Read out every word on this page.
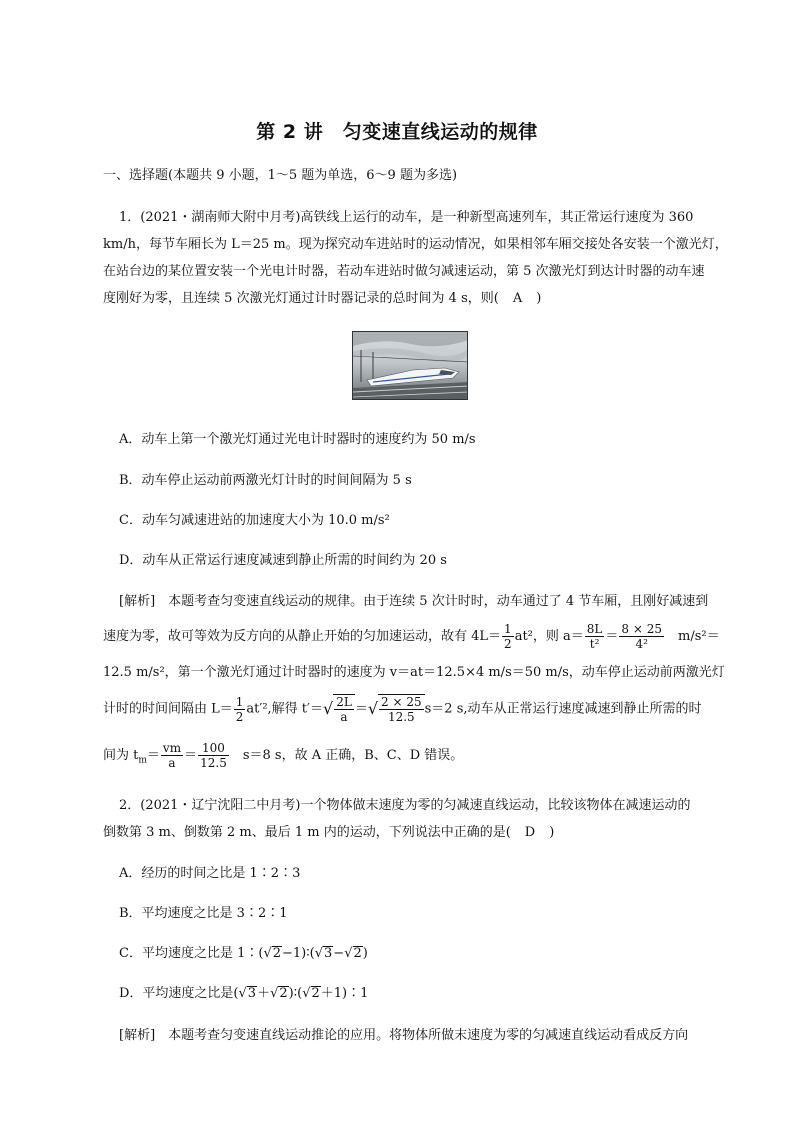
第 2 讲　匀变速直线运动的规律
一、选择题(本题共 9 小题，1～5 题为单选，6～9 题为多选)
1．(2021・湖南师大附中月考)高铁线上运行的动车，是一种新型高速列车，其正常运行速度为 360
km/h，每节车厢长为 L＝25 m。现为探究动车进站时的运动情况，如果相邻车厢交接处各安装一个激光灯，
在站台边的某位置安装一个光电计时器，若动车进站时做匀减速运动，第 5 次激光灯到达计时器的动车速
度刚好为零，且连续 5 次激光灯通过计时器记录的总时间为 4 s，则( A )
A．动车上第一个激光灯通过光电计时器时的速度约为 50 m/s
B．动车停止运动前两激光灯计时的时间间隔为 5 s
C．动车匀减速进站的加速度大小为 10.0 m/s²
D．动车从正常运行速度减速到静止所需的时间约为 20 s
[解析]　 本题考查匀变速直线运动的规律。由于连续 5 次计时时，动车通过了 4 节车厢，且刚好减速到
速度为零，故可等效为反方向的从静止开始的匀加速运动，故有 $4L= \frac{1}{2} at^2$，则 $a= \frac{8L}{\text{t²}} = \frac{8 \times 25}{\text{4²}}$
　 m/s²＝
12.5 m/s²，第一个激光灯通过计时器时的速度为 v＝at＝12.5×4 m/s＝50 m/s，动车停止运动前两激光灯
计时的时间间隔由 $L= \frac{1}{2} at'^2$,解得 $t'=√ \frac{2L}{a}$ ＝√ $\frac{2 \times 25}{12.5} s=2$ s,动车从正常运行速度减速到静止所需的时
间为 $t_m= \frac{vm}{a} = \frac{100}{12.5}$
　 s＝8 s，故 A 正确，B、C、D 错误。
2．(2021・辽宁沈阳二中月考)一个物体做末速度为零的匀减速直线运动，比较该物体在减速运动的
倒数第 3 m、倒数第 2 m、最后 1 m 内的运动，下列说法中正确的是( D )
A．经历的时间之比是 1∶2∶3
B．平均速度之比是 3∶2∶1
C．平均速度之比是 1∶(√2−1)∶(√3−√2)
D．平均速度之比是(√3＋√2)∶(√2＋1)∶1
[解析]　 本题考查匀变速直线运动推论的应用。将物体所做末速度为零的匀减速直线运动看成反方向
